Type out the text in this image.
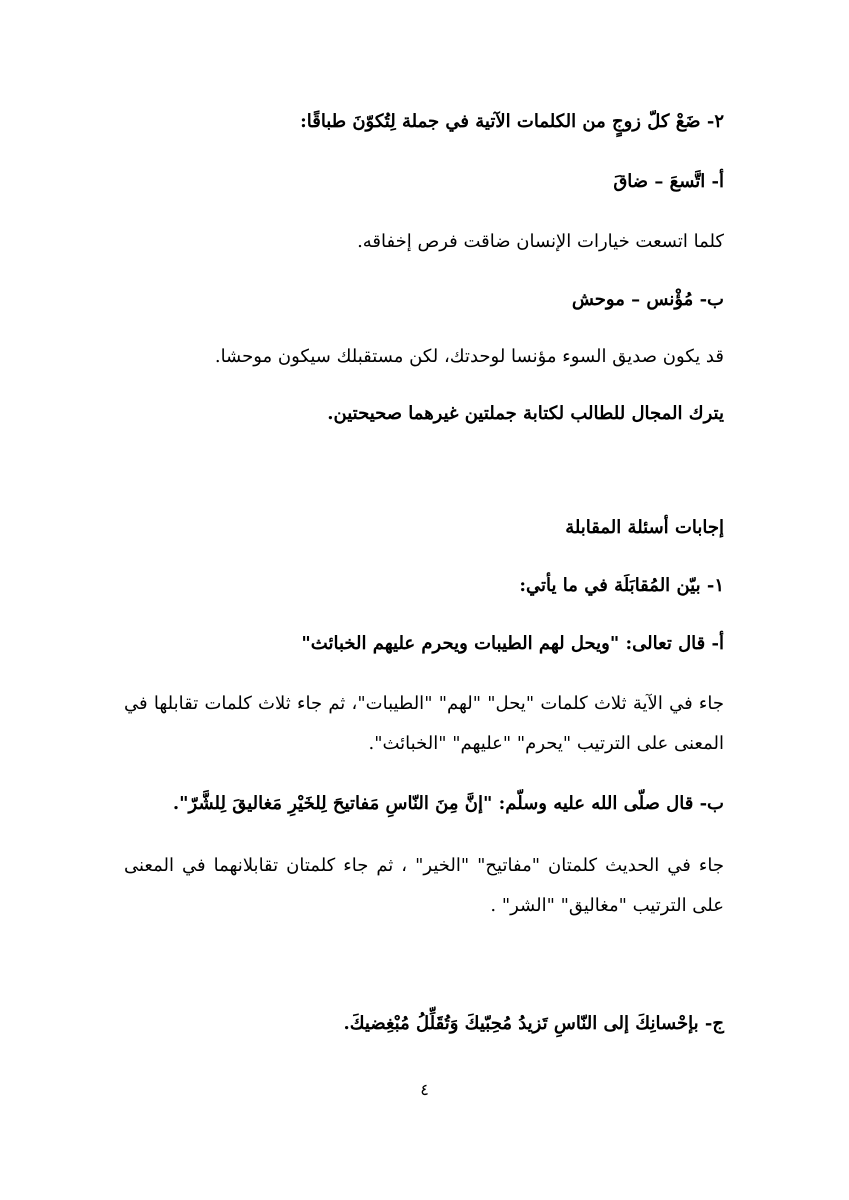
٢- ضَعْ كلّ زوجٍ من الكلمات الآتية في جملة لِتُكوّنَ طباقًا:
أ- اتَّسعَ – ضاقَ
كلما اتسعت خيارات الإنسان ضاقت فرص إخفاقه.
ب- مُؤْنس – موحش
قد يكون صديق السوء مؤنسا لوحدتك، لكن مستقبلك سيكون موحشا.
يترك المجال للطالب لكتابة جملتين غيرهما صحيحتين.
إجابات أسئلة المقابلة
١- بيّن المُقابَلَة في ما يأتي:
أ- قال تعالى: "ويحل لهم الطيبات ويحرم عليهم الخبائث"
جاء في الآية ثلاث كلمات "يحل" "لهم" "الطيبات"، ثم جاء ثلاث كلمات تقابلها في المعنى على الترتيب "يحرم" "عليهم" "الخبائث".
ب- قال صلّى الله عليه وسلّم: "إنَّ مِنَ النّاسِ مَفاتيحَ لِلخَيْرِ مَغاليقَ لِلشَّرّ".
جاء في الحديث كلمتان "مفاتيح" "الخير" ، ثم جاء كلمتان تقابلانهما في المعنى على الترتيب "مغاليق" "الشر" .
ج- بإحْسانِكَ إلى النّاسِ تَزيدُ مُحِبّيكَ وَتُقَلِّلُ مُبْغِضيكَ.
٤
